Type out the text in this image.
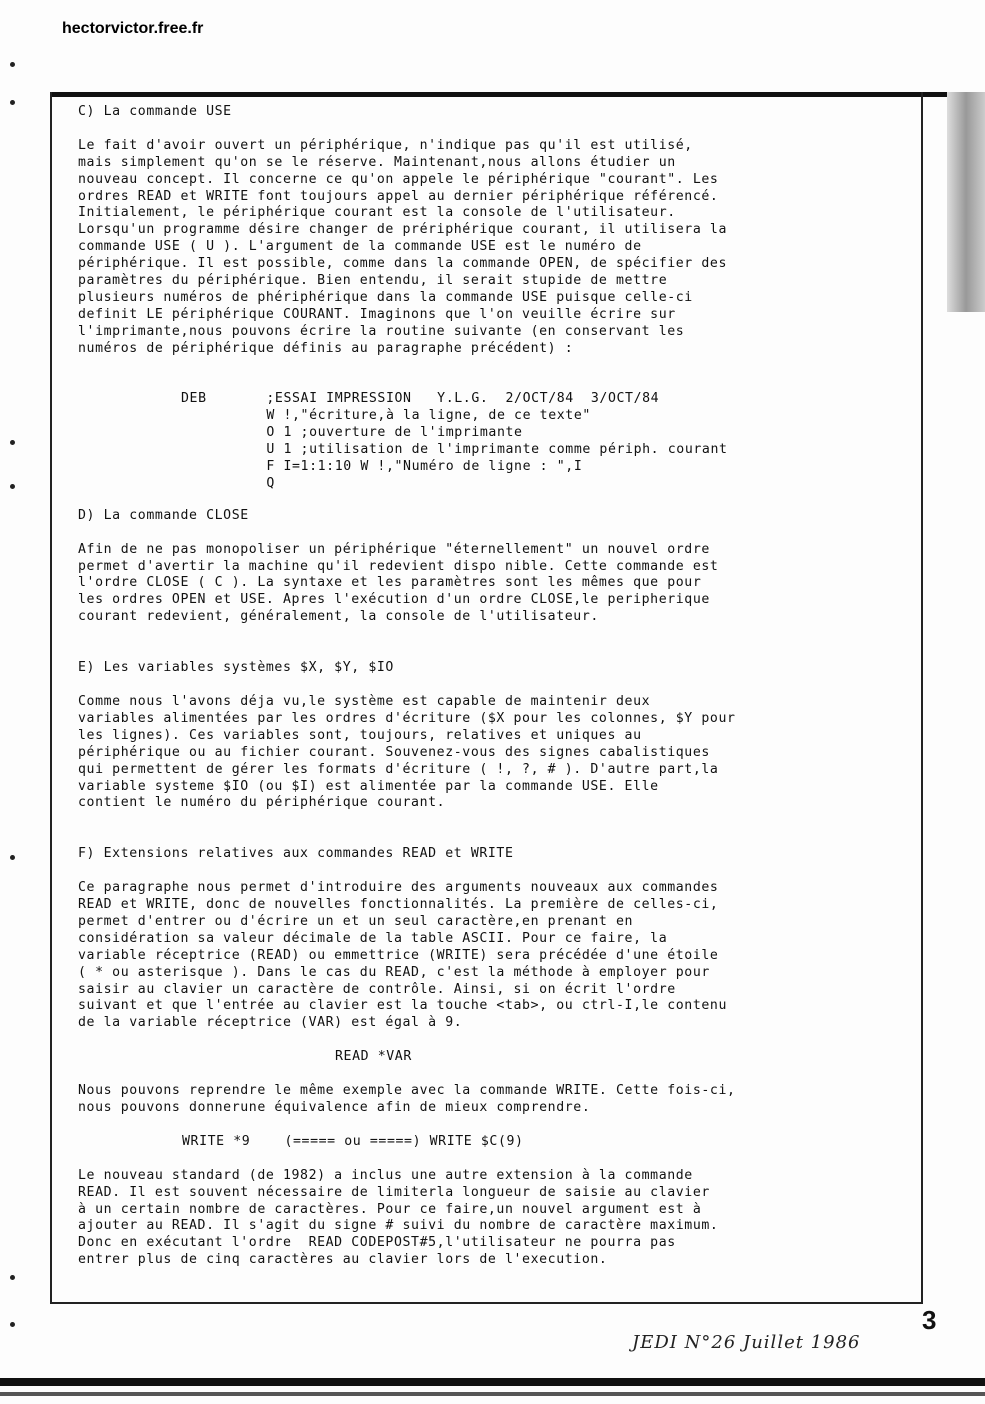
hectorvictor.free.fr
C) La commande USE
Le fait d'avoir ouvert un périphérique, n'indique pas qu'il est utilisé,
mais simplement qu'on se le réserve. Maintenant,nous allons étudier un
nouveau concept. Il concerne ce qu'on appele le périphérique "courant". Les
ordres READ et WRITE font toujours appel au dernier périphérique référencé.
Initialement, le périphérique courant est la console de l'utilisateur.
Lorsqu'un programme désire changer de prériphérique courant, il utilisera la
commande USE ( U ). L'argument de la commande USE est le numéro de
périphérique. Il est possible, comme dans la commande OPEN, de spécifier des
paramètres du périphérique. Bien entendu, il serait stupide de mettre
plusieurs numéros de phériphérique dans la commande USE puisque celle-ci
definit LE périphérique COURANT. Imaginons que l'on veuille écrire sur
l'imprimante,nous pouvons écrire la routine suivante (en conservant les
numéros de périphérique définis au paragraphe précédent) :
DEB       ;ESSAI IMPRESSION   Y.L.G.  2/OCT/84  3/OCT/84
W !,"écriture,à la ligne, de ce texte"
O 1 ;ouverture de l'imprimante
U 1 ;utilisation de l'imprimante comme périph. courant
F I=1:1:10 W !,"Numéro de ligne : ",I
Q
D) La commande CLOSE
Afin de ne pas monopoliser un périphérique "éternellement" un nouvel ordre
permet d'avertir la machine qu'il redevient dispo nible. Cette commande est
l'ordre CLOSE ( C ). La syntaxe et les paramètres sont les mêmes que pour
les ordres OPEN et USE. Apres l'exécution d'un ordre CLOSE,le peripherique
courant redevient, généralement, la console de l'utilisateur.
E) Les variables systèmes $X, $Y, $IO
Comme nous l'avons déja vu,le système est capable de maintenir deux
variables alimentées par les ordres d'écriture ($X pour les colonnes, $Y pour
les lignes). Ces variables sont, toujours, relatives et uniques au
périphérique ou au fichier courant. Souvenez-vous des signes cabalistiques
qui permettent de gérer les formats d'écriture ( !, ?, # ). D'autre part,la
variable systeme $IO (ou $I) est alimentée par la commande USE. Elle
contient le numéro du périphérique courant.
F) Extensions relatives aux commandes READ et WRITE
Ce paragraphe nous permet d'introduire des arguments nouveaux aux commandes
READ et WRITE, donc de nouvelles fonctionnalités. La première de celles-ci,
permet d'entrer ou d'écrire un et un seul caractère,en prenant en
considération sa valeur décimale de la table ASCII. Pour ce faire, la
variable réceptrice (READ) ou emmettrice (WRITE) sera précédée d'une étoile
( * ou asterisque ). Dans le cas du READ, c'est la méthode à employer pour
saisir au clavier un caractère de contrôle. Ainsi, si on écrit l'ordre
suivant et que l'entrée au clavier est la touche <tab>, ou ctrl-I,le contenu
de la variable réceptrice (VAR) est égal à 9.
READ *VAR
Nous pouvons reprendre le même exemple avec la commande WRITE. Cette fois-ci,
nous pouvons donnerune équivalence afin de mieux comprendre.
WRITE *9    (===== ou =====) WRITE $C(9)
Le nouveau standard (de 1982) a inclus une autre extension à la commande
READ. Il est souvent nécessaire de limiterla longueur de saisie au clavier
à un certain nombre de caractères. Pour ce faire,un nouvel argument est à
ajouter au READ. Il s'agit du signe # suivi du nombre de caractère maximum.
Donc en exécutant l'ordre  READ CODEPOST#5,l'utilisateur ne pourra pas
entrer plus de cinq caractères au clavier lors de l'execution.
3
JEDI N°26 Juillet 1986
